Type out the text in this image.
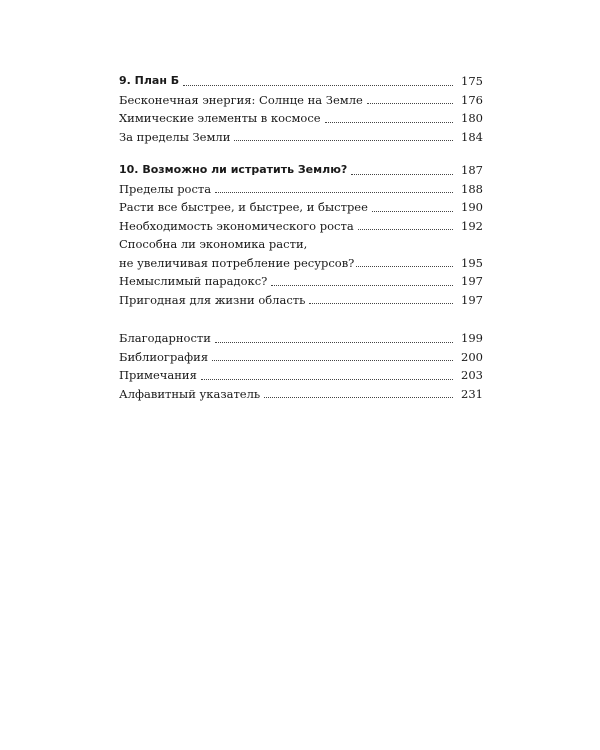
9. План Б	175
Бесконечная энергия: Солнце на Земле	176
Химические элементы в космосе	180
За пределы Земли	184
10. Возможно ли истратить Землю?	187
Пределы роста	188
Расти все быстрее, и быстрее, и быстрее	190
Необходимость экономического роста	192
Способна ли экономика расти,
не увеличивая потребление ресурсов?	195
Немыслимый парадокс?	197
Пригодная для жизни область	197
Благодарности	199
Библиография	200
Примечания	203
Алфавитный указатель	231
